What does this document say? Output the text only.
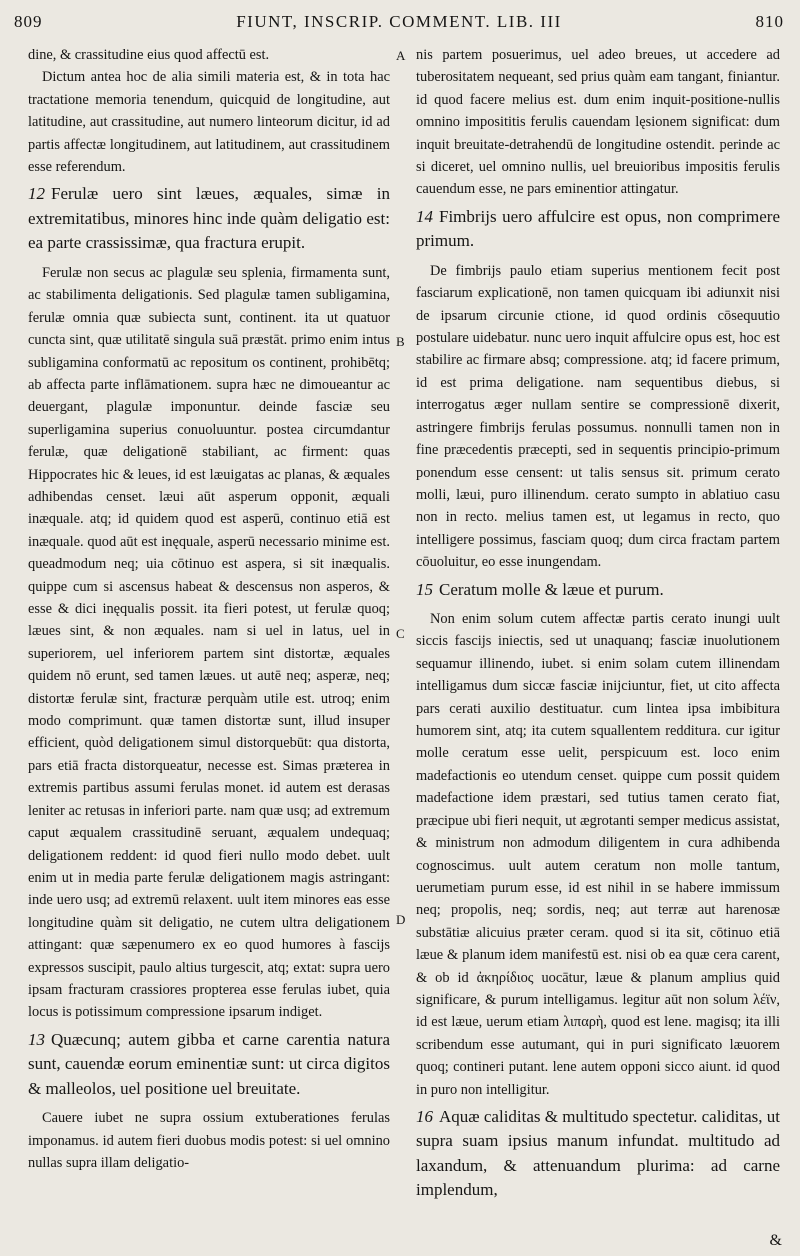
809	FIUNT, INSCRIP. COMMENT. LIB. III	810

dine, & crassitudine eius quod affectū est.

Dictum antea hoc de alia simili materia est, & in tota hac tractatione memoria tenendum, quicquid de longitudine, aut latitudine, aut crassitudine, aut numero linteorum dicitur, id ad partis affectæ longitudinem, aut latitudinem, aut crassitudinem esse referendum.

12 Ferulæ uero sint læues, æquales, simæ in extremitatibus, minores hinc inde quàm deligatio est: ea parte crassissimæ, qua fractura erupit.

Ferulæ non secus ac plagulæ seu splenia, firmamenta sunt, ac stabilimenta deligationis. Sed plagulæ tamen subligamina, ferulæ omnia quæ subiecta sunt, continent. ita ut quatuor cuncta sint, quæ utilitatē singula suā præstāt. primo enim intus subligamina conformatū ac repositum os continent, prohibētq; ab affecta parte inflāmationem. supra hæc ne dimoueantur ac deuergant, plagulæ imponuntur. deinde fasciæ seu superligamina superius conuoluuntur. postea circumdantur ferulæ, quæ deligationē stabiliant, ac firment: quas Hippocrates hic & leues, id est læuigatas ac planas, & æquales adhibendas censet. læui aūt asperum opponit, æquali inæquale. atq; id quidem quod est asperū, continuo etiā est inæquale. quod aūt est inęquale, asperū necessario minime est. queadmodum neq; uia cōtinuo est aspera, si sit inæqualis. quippe cum si ascensus habeat & descensus non asperos, & esse & dici inęqualis possit. ita fieri potest, ut ferulæ quoq; læues sint, & non æquales. nam si uel in latus, uel in superiorem, uel inferiorem partem sint distortæ, æquales quidem nō erunt, sed tamen læues. ut autē neq; asperæ, neq; distortæ ferulæ sint, fracturæ perquàm utile est. utroq; enim modo comprimunt. quæ tamen distortæ sunt, illud insuper efficient, quòd deligationem simul distorquebūt: qua distorta, pars etiā fracta distorqueatur, necesse est. Simas præterea in extremis partibus assumi ferulas monet. id autem est derasas leniter ac retusas in inferiori parte. nam quæ usq; ad extremum caput æqualem crassitudinē seruant, æqualem undequaq; deligationem reddent: id quod fieri nullo modo debet. uult enim ut in media parte ferulæ deligationem magis astringant: inde uero usq; ad extremū relaxent. uult item minores eas esse longitudine quàm sit deligatio, ne cutem ultra deligationem attingant: quæ sæpenumero ex eo quod humores à fascijs expressos suscipit, paulo altius turgescit, atq; extat: supra uero ipsam fracturam crassiores propterea esse ferulas iubet, quia locus is potissimum compressione ipsarum indiget.

13 Quæcunq; autem gibba et carne carentia natura sunt, cauendæ eorum eminentiæ sunt: ut circa digitos & malleolos, uel positione uel breuitate.

Cauere iubet ne supra ossium extuberationes ferulas imponamus. id autem fieri duobus modis potest: si uel omnino nullas supra illam deligatio-

A
B
C
D

nis partem posuerimus, uel adeo breues, ut accedere ad tuberositatem nequeant, sed prius quàm eam tangant, finiantur. id quod facere melius est. dum enim inquit-positione-nullis omnino imposititis ferulis cauendam lęsionem significat: dum inquit breuitate-detrahendū de longitudine ostendit. perinde ac si diceret, uel omnino nullis, uel breuioribus impositis ferulis cauendum esse, ne pars eminentior attingatur.

14 Fimbrijs uero affulcire est opus, non comprimere primum.

De fimbrijs paulo etiam superius mentionem fecit post fasciarum explicationē, non tamen quicquam ibi adiunxit nisi de ipsarum circunie ctione, id quod ordinis cōsequutio postulare uidebatur. nunc uero inquit affulcire opus est, hoc est stabilire ac firmare absq; compressione. atq; id facere primum, id est prima deligatione. nam sequentibus diebus, si interrogatus æger nullam sentire se compressionē dixerit, astringere fimbrijs ferulas possumus. nonnulli tamen non in fine præcedentis præcepti, sed in sequentis principio-primum ponendum esse censent: ut talis sensus sit. primum cerato molli, læui, puro illinendum. cerato sumpto in ablatiuo casu non in recto. melius tamen est, ut legamus in recto, quo intelligere possimus, fasciam quoq; dum circa fractam partem cōuoluitur, eo esse inungendam.

15 Ceratum molle & læue et purum.

Non enim solum cutem affectæ partis cerato inungi uult siccis fascijs iniectis, sed ut unaquanq; fasciæ inuolutionem sequamur illinendo, iubet. si enim solam cutem illinendam intelligamus dum siccæ fasciæ inijciuntur, fiet, ut cito affecta pars cerati auxilio destituatur. cum lintea ipsa imbibitura humorem sint, atq; ita cutem squallentem redditura. cur igitur molle ceratum esse uelit, perspicuum est. loco enim madefactionis eo utendum censet. quippe cum possit quidem madefactione idem præstari, sed tutius tamen cerato fiat, præcipue ubi fieri nequit, ut ægrotanti semper medicus assistat, & ministrum non admodum diligentem in cura adhibenda cognoscimus. uult autem ceratum non molle tantum, uerumetiam purum esse, id est nihil in se habere immissum neq; propolis, neq; sordis, neq; aut terræ aut harenosæ substātiæ alicuius præter ceram. quod si ita sit, cōtinuo etiā læue & planum idem manifestū est. nisi ob ea quæ cera carent, & ob id ἀκηρίδιος uocātur, læue & planum amplius quid significare, & purum intelligamus. legitur aūt non solum λέϊν, id est læue, uerum etiam λιπαρὴ, quod est lene. magisq; ita illi scribendum esse autumant, qui in puri significato læuorem quoq; contineri putant. lene autem opponi sicco aiunt. id quod in puro non intelligitur.

16 Aquæ caliditas & multitudo spectetur. caliditas, ut supra suam ipsius manum infundat. multitudo ad laxandum, & attenuandum plurima: ad carne implendum,

&
